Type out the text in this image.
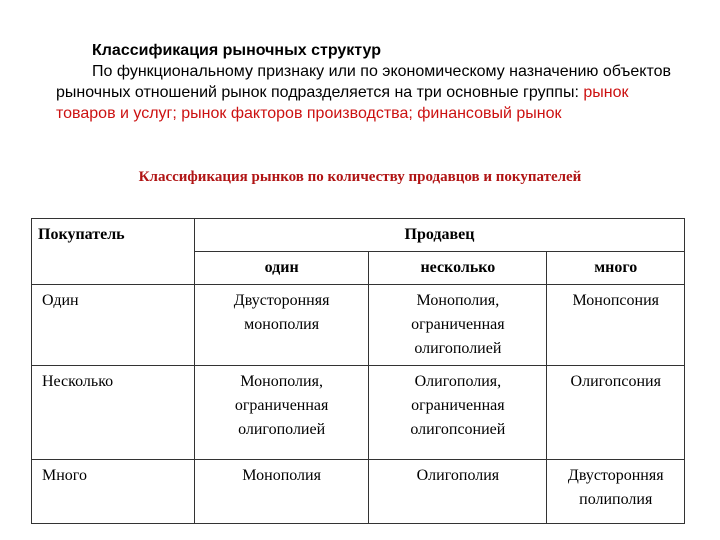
Классификация рыночных структур
По функциональному признаку или по экономическому назначению объектов рыночных отношений рынок подразделяется на три основные группы: рынок товаров и услуг; рынок факторов производства; финансовый рынок
Классификация рынков по количеству продавцов и покупателей
Покупатель	Продавец		
	один	несколько	много
Один	Двусторонняя монополия	Монополия, ограниченная олигополией	Монопсония
Несколько	Монополия, ограниченная олигополией	Олигополия, ограниченная олигопсонией	Олигопсония
Много	Монополия	Олигополия	Двусторонняя полиполия
